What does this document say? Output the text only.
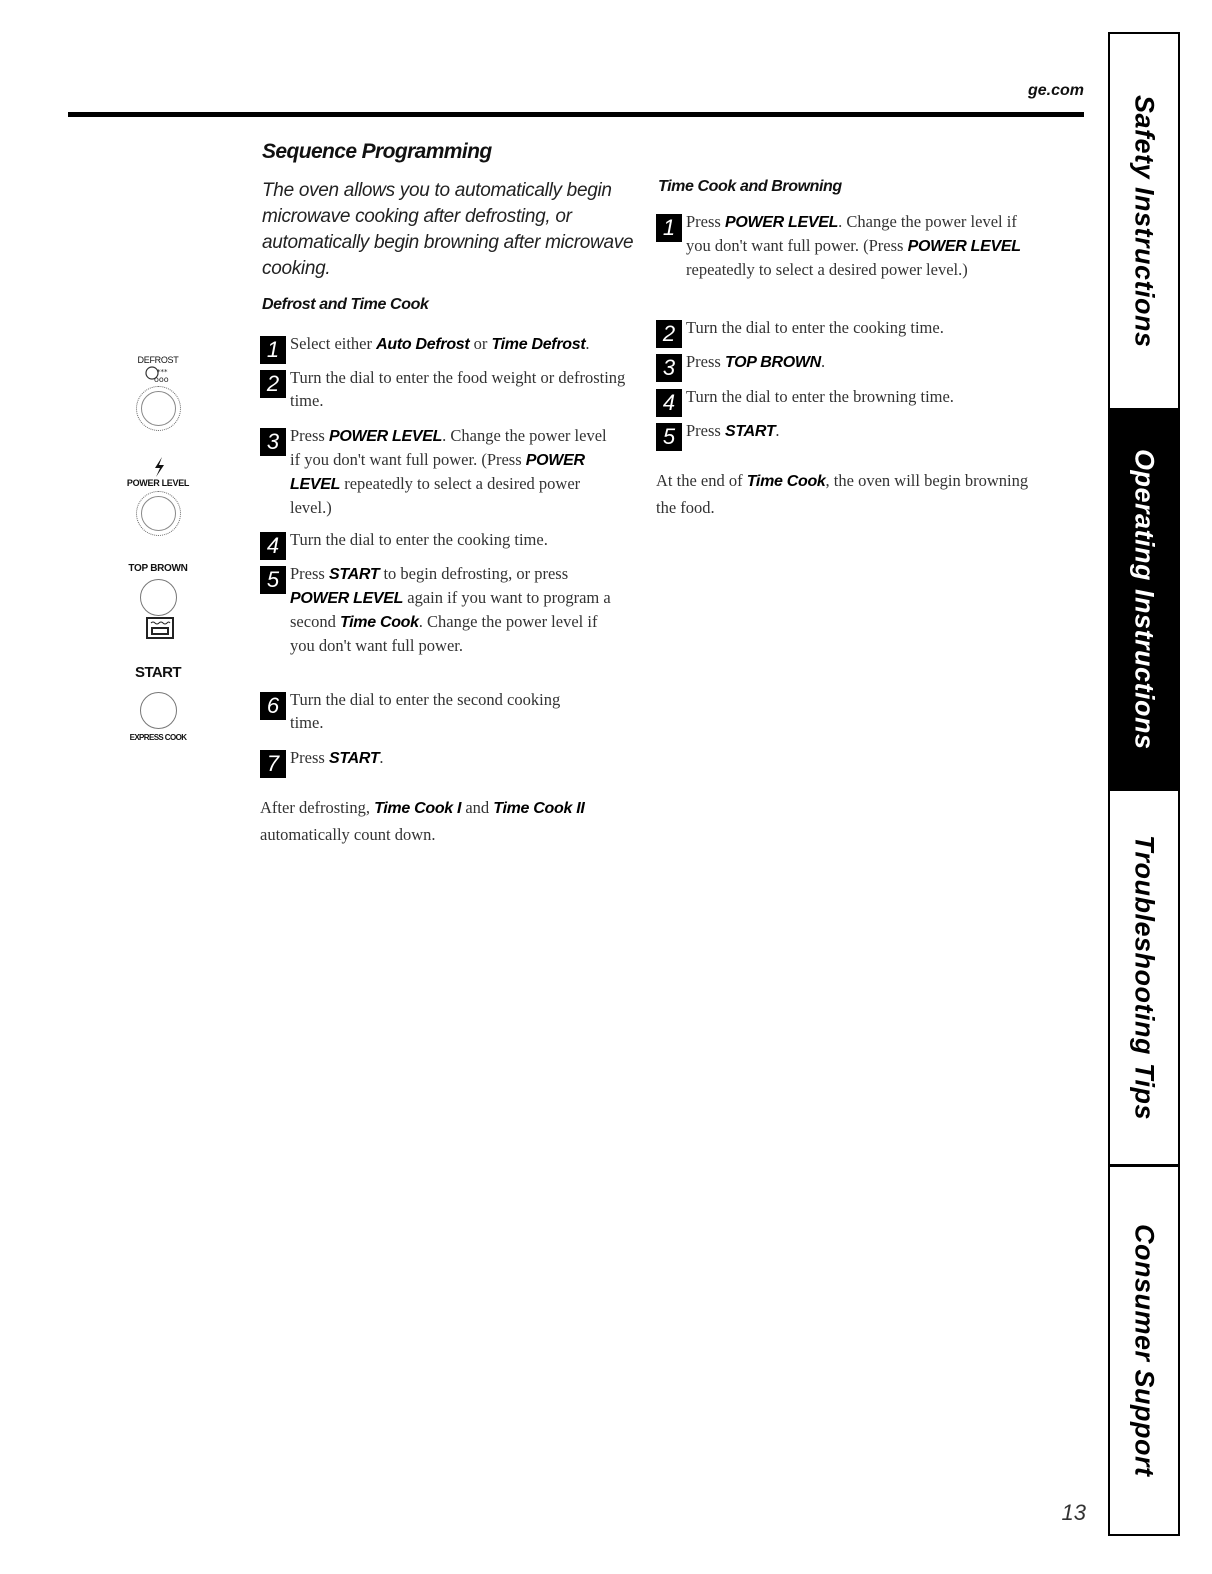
ge.com
Safety Instructions
Operating Instructions
Troubleshooting Tips
Consumer Support
DEFROST
***
ooo
POWER LEVEL
TOP BROWN
START
EXPRESS COOK
Sequence Programming
The oven allows you to automatically begin microwave cooking after defrosting, or automatically begin browning after microwave cooking.
Defrost and Time Cook
1 Select either Auto Defrost or Time Defrost.
2 Turn the dial to enter the food weight or defrosting time.
3 Press POWER LEVEL. Change the power level if you don't want full power. (Press POWER LEVEL repeatedly to select a desired power level.)
4 Turn the dial to enter the cooking time.
5 Press START to begin defrosting, or press POWER LEVEL again if you want to program a second Time Cook. Change the power level if you don't want full power.
6 Turn the dial to enter the second cooking time.
7 Press START.
After defrosting, Time Cook I and Time Cook II automatically count down.
Time Cook and Browning
1 Press POWER LEVEL. Change the power level if you don't want full power. (Press POWER LEVEL repeatedly to select a desired power level.)
2 Turn the dial to enter the cooking time.
3 Press TOP BROWN.
4 Turn the dial to enter the browning time.
5 Press START.
At the end of Time Cook, the oven will begin browning the food.
13
